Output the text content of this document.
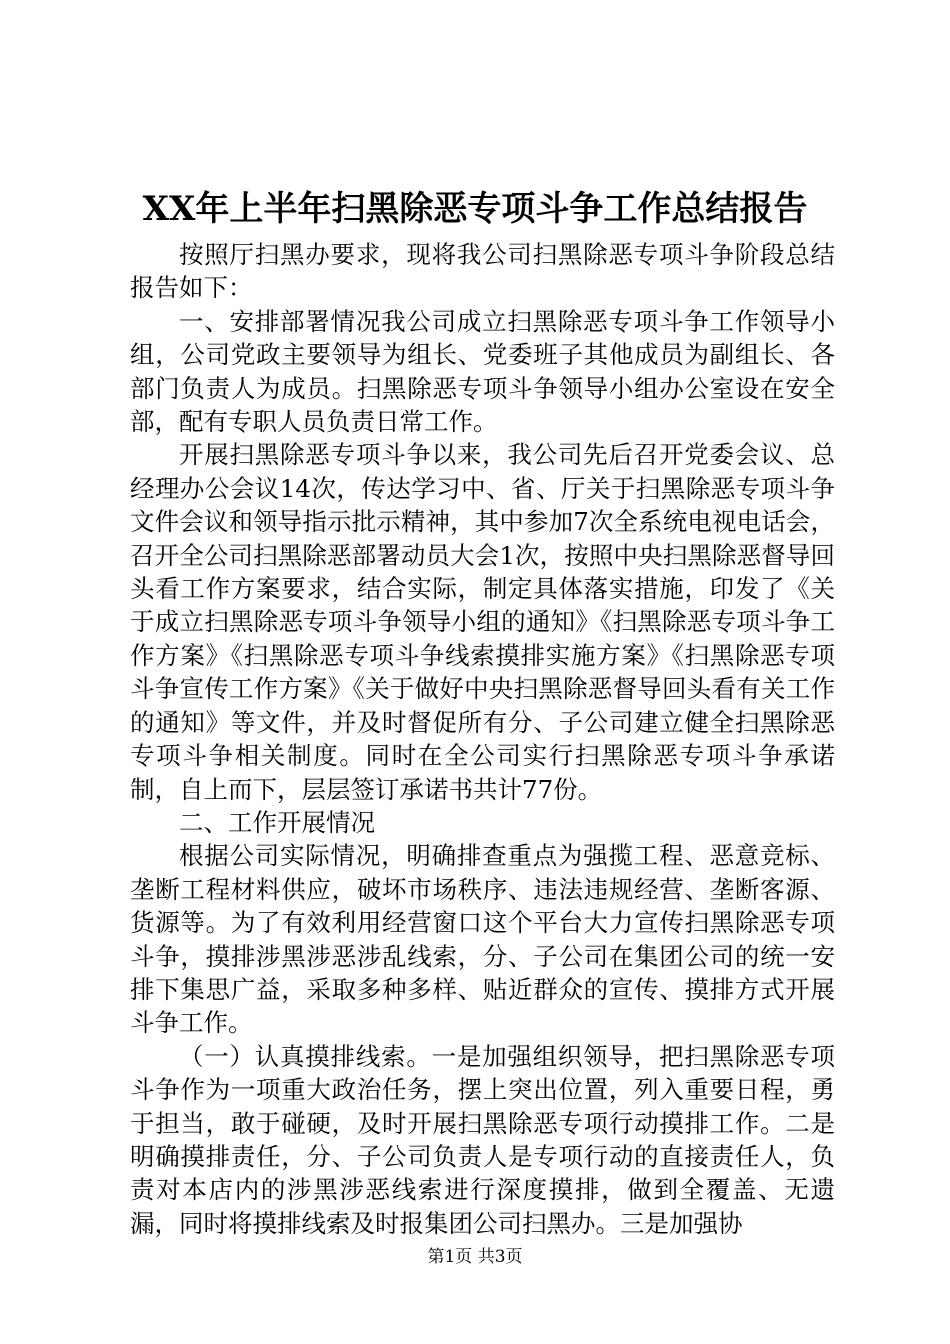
XX年上半年扫黑除恶专项斗争工作总结报告

按照厅扫黑办要求，现将我公司扫黑除恶专项斗争阶段总结报告如下：

一、安排部署情况我公司成立扫黑除恶专项斗争工作领导小组，公司党政主要领导为组长、党委班子其他成员为副组长、各部门负责人为成员。扫黑除恶专项斗争领导小组办公室设在安全部，配有专职人员负责日常工作。

开展扫黑除恶专项斗争以来，我公司先后召开党委会议、总经理办公会议14次，传达学习中、省、厅关于扫黑除恶专项斗争文件会议和领导指示批示精神，其中参加7次全系统电视电话会，召开全公司扫黑除恶部署动员大会1次，按照中央扫黑除恶督导回头看工作方案要求，结合实际，制定具体落实措施，印发了《关于成立扫黑除恶专项斗争领导小组的通知》《扫黑除恶专项斗争工作方案》《扫黑除恶专项斗争线索摸排实施方案》《扫黑除恶专项斗争宣传工作方案》《关于做好中央扫黑除恶督导回头看有关工作的通知》等文件，并及时督促所有分、子公司建立健全扫黑除恶专项斗争相关制度。同时在全公司实行扫黑除恶专项斗争承诺制，自上而下，层层签订承诺书共计77份。

二、工作开展情况

根据公司实际情况，明确排查重点为强揽工程、恶意竞标、垄断工程材料供应，破坏市场秩序、违法违规经营、垄断客源、货源等。为了有效利用经营窗口这个平台大力宣传扫黑除恶专项斗争，摸排涉黑涉恶涉乱线索，分、子公司在集团公司的统一安排下集思广益，采取多种多样、贴近群众的宣传、摸排方式开展斗争工作。

（一）认真摸排线索。一是加强组织领导，把扫黑除恶专项斗争作为一项重大政治任务，摆上突出位置，列入重要日程，勇于担当，敢于碰硬，及时开展扫黑除恶专项行动摸排工作。二是明确摸排责任，分、子公司负责人是专项行动的直接责任人，负责对本店内的涉黑涉恶线索进行深度摸排，做到全覆盖、无遗漏，同时将摸排线索及时报集团公司扫黑办。三是加强协

第1页 共3页
